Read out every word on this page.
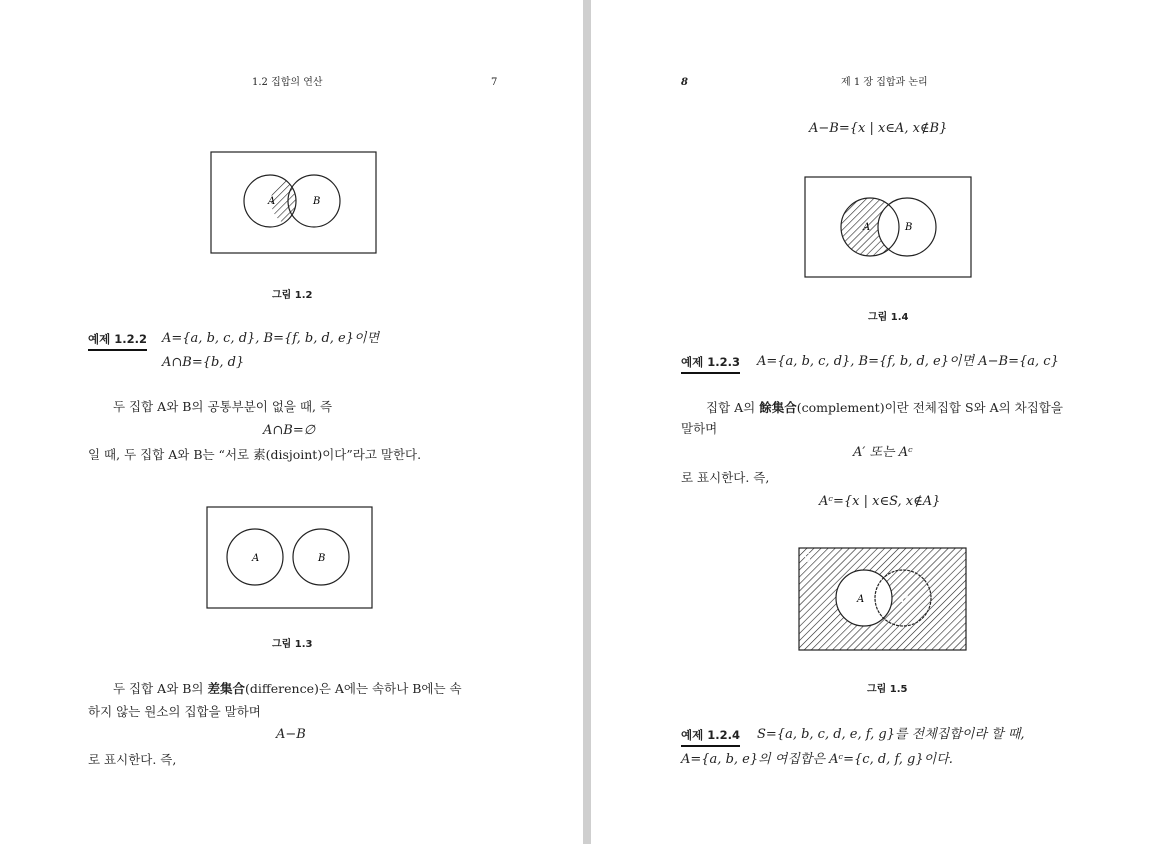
1.2 집합의 연산	7
A	B
그림 1.2
예제 1.2.2 A={a, b, c, d}, B={f, b, d, e}이면
A∩B={b, d}
두 집합 A와 B의 공통부분이 없을 때, 즉
A∩B=∅
일 때, 두 집합 A와 B는 “서로 素(disjoint)이다”라고 말한다.
A	B
그림 1.3
두 집합 A와 B의 差集合(difference)은 A에는 속하나 B에는 속
하지 않는 원소의 집합을 말하며
A−B
로 표시한다. 즉,
8	제 1 장 집합과 논리
A−B={x | x∈A, x∉B}
A	B
그림 1.4
예제 1.2.3 A={a, b, c, d}, B={f, b, d, e}이면 A−B={a, c}
집합 A의 餘集合(complement)이란 전체집합 S와 A의 차집합을
말하며
A′ 또는 Aᶜ
로 표시한다. 즉,
Aᶜ={x | x∈S, x∉A}
S
A	B
그림 1.5
예제 1.2.4 S={a, b, c, d, e, f, g}를 전체집합이라 할 때,
A={a, b, e}의 여집합은 Aᶜ={c, d, f, g}이다.
